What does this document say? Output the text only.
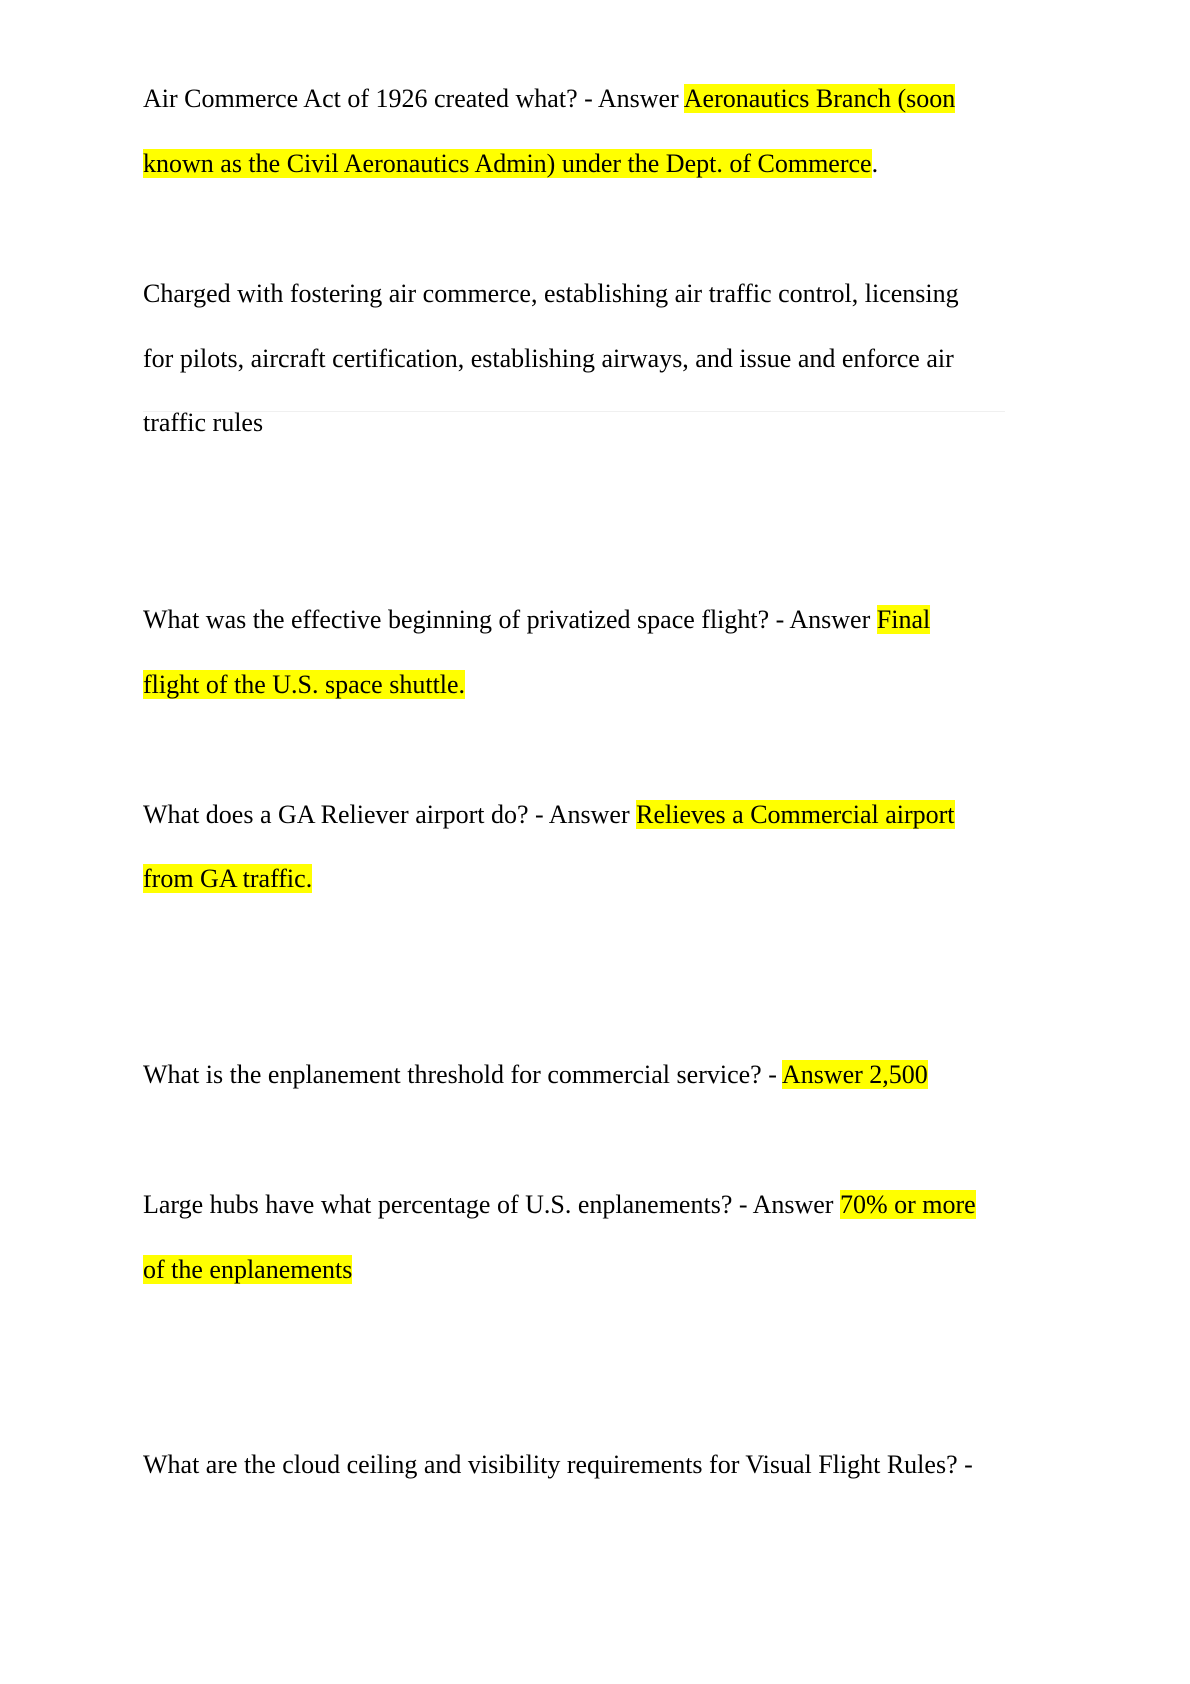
Air Commerce Act of 1926 created what? - Answer Aeronautics Branch (soon
known as the Civil Aeronautics Admin) under the Dept. of Commerce.
Charged with fostering air commerce, establishing air traffic control, licensing
for pilots, aircraft certification, establishing airways, and issue and enforce air
traffic rules
What was the effective beginning of privatized space flight? - Answer Final
flight of the U.S. space shuttle.
What does a GA Reliever airport do? - Answer Relieves a Commercial airport
from GA traffic.
What is the enplanement threshold for commercial service? - Answer 2,500
Large hubs have what percentage of U.S. enplanements? - Answer 70% or more
of the enplanements
What are the cloud ceiling and visibility requirements for Visual Flight Rules? -
